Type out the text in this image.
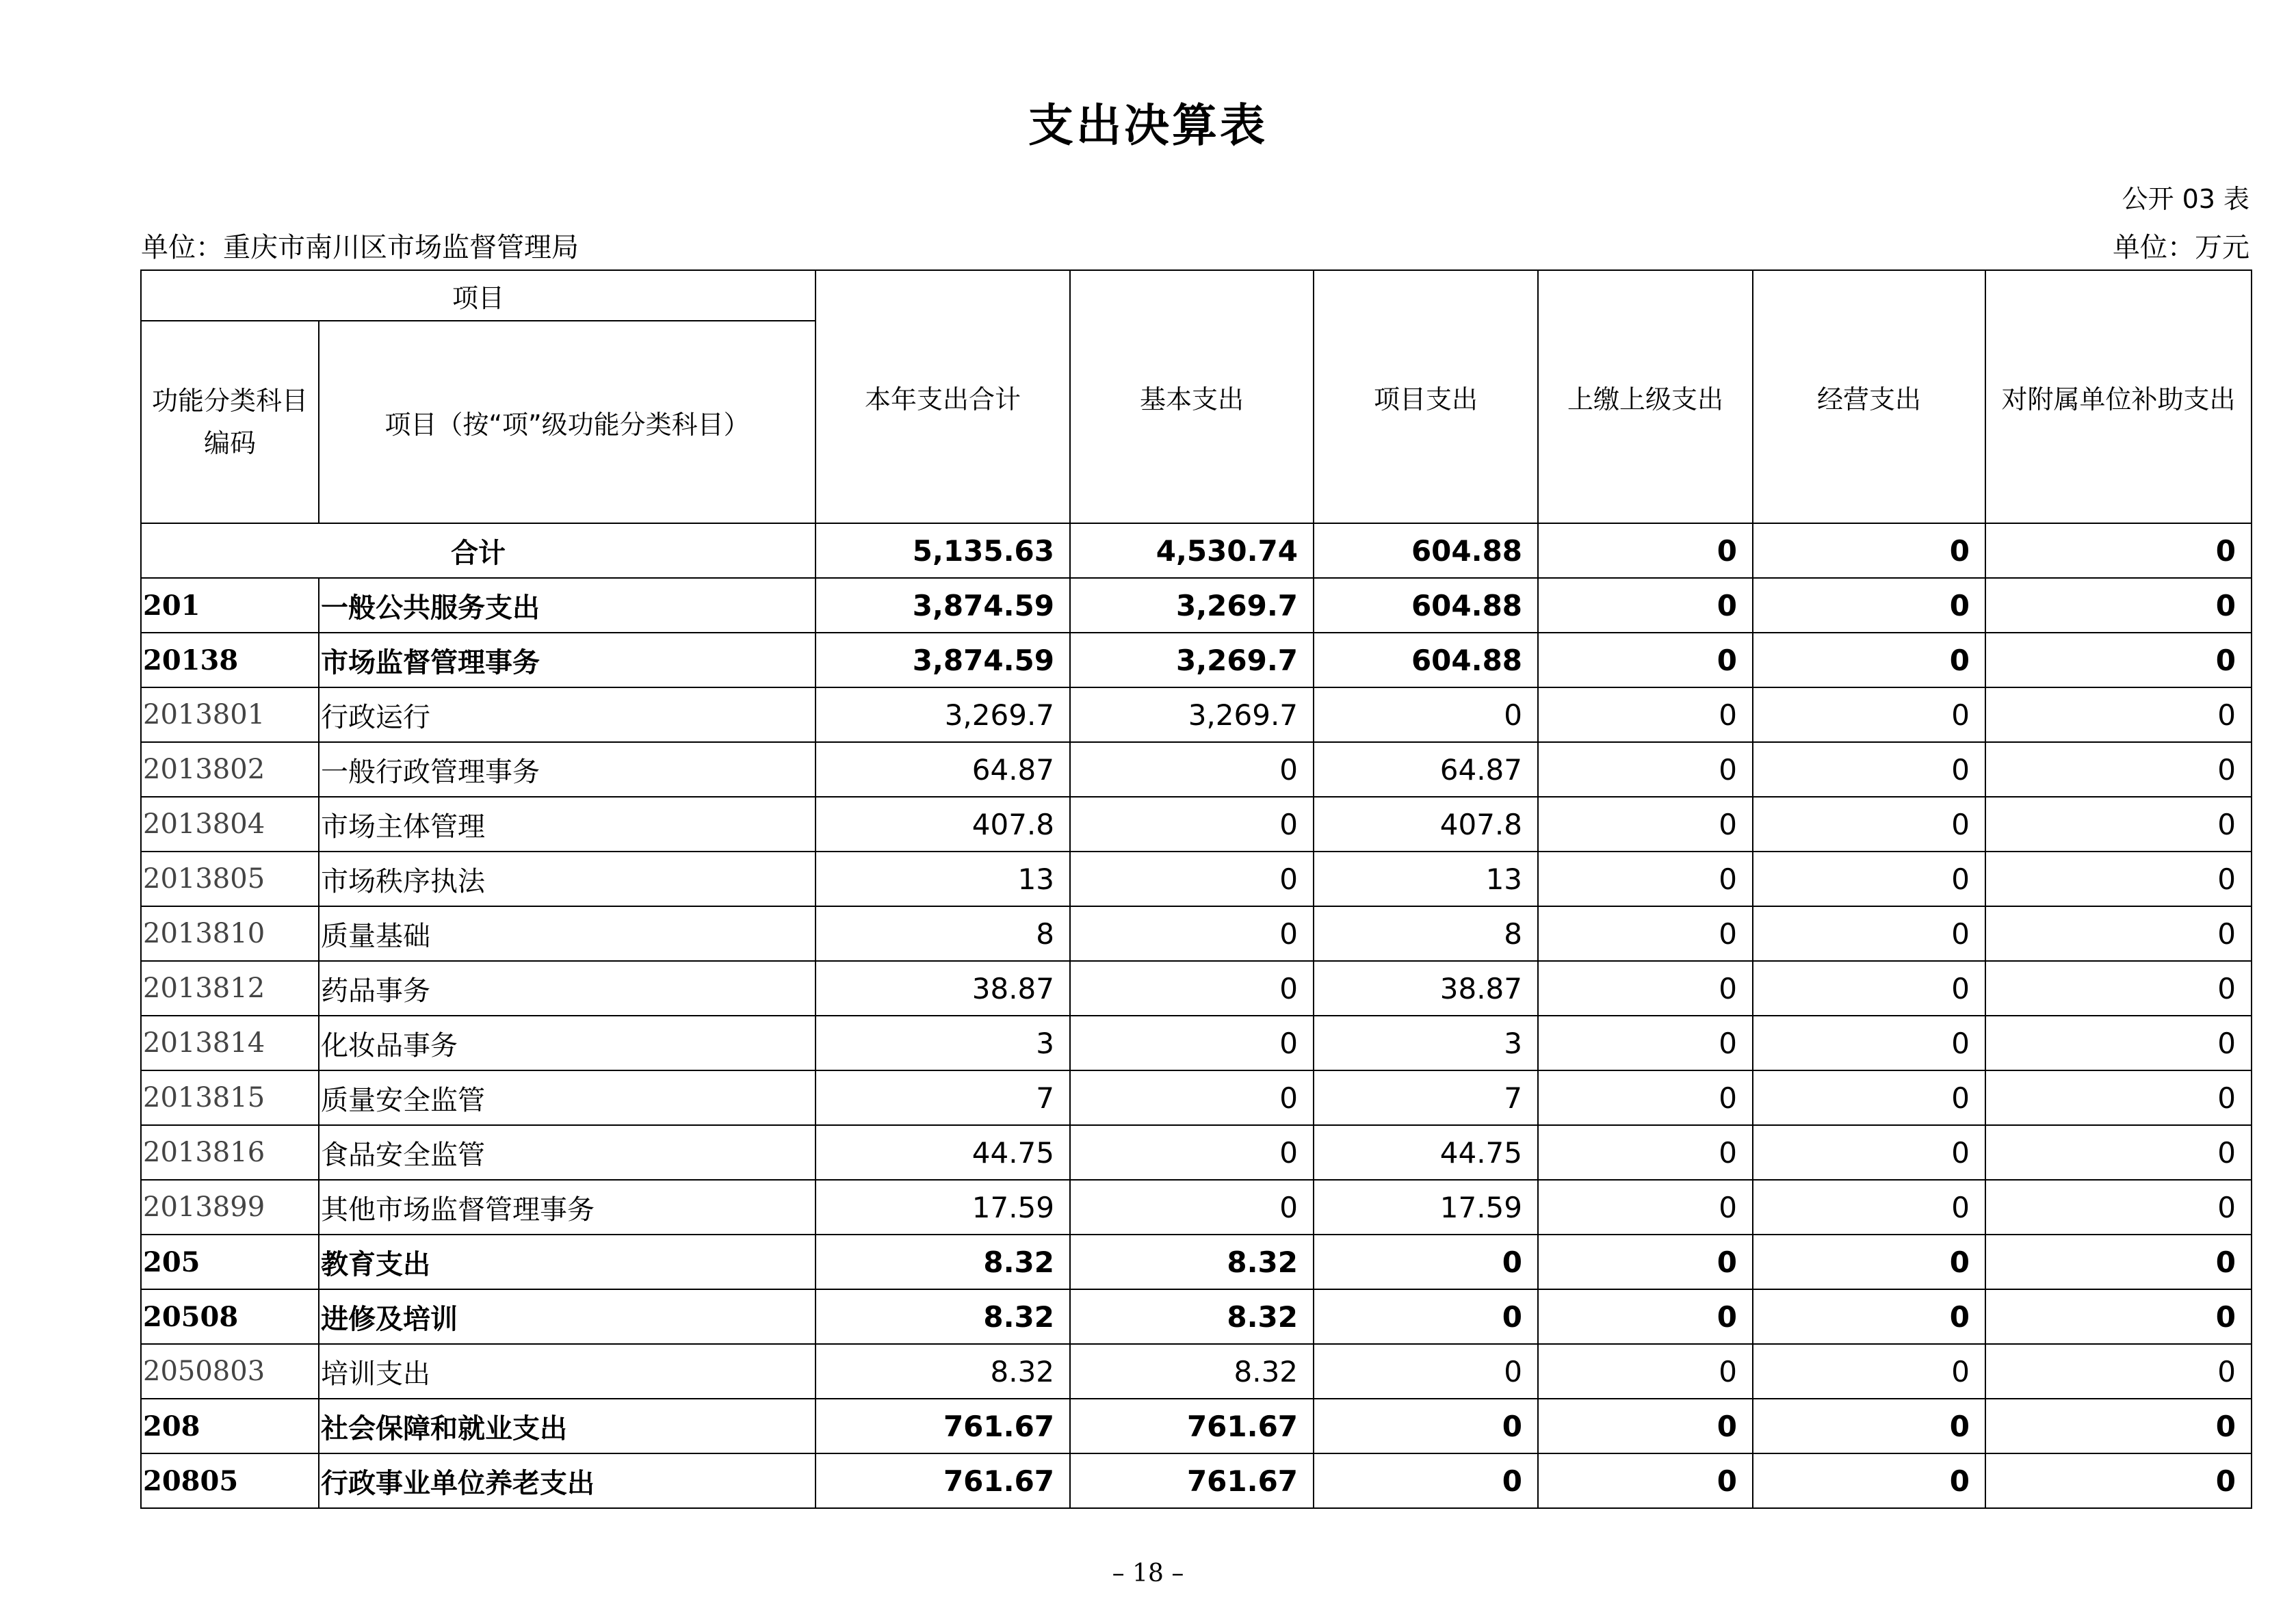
支出决算表
公开 03 表
单位：重庆市南川区市场监督管理局	单位：万元
项目		本年支出合计	基本支出	项目支出	上缴上级支出	经营支出	对附属单位补助支出
功能分类科目编码	项目（按“项”级功能分类科目）						
合计		5,135.63	4,530.74	604.88	0	0	0
201	一般公共服务支出	3,874.59	3,269.7	604.88	0	0	0
20138	市场监督管理事务	3,874.59	3,269.7	604.88	0	0	0
2013801	行政运行	3,269.7	3,269.7	0	0	0	0
2013802	一般行政管理事务	64.87	0	64.87	0	0	0
2013804	市场主体管理	407.8	0	407.8	0	0	0
2013805	市场秩序执法	13	0	13	0	0	0
2013810	质量基础	8	0	8	0	0	0
2013812	药品事务	38.87	0	38.87	0	0	0
2013814	化妆品事务	3	0	3	0	0	0
2013815	质量安全监管	7	0	7	0	0	0
2013816	食品安全监管	44.75	0	44.75	0	0	0
2013899	其他市场监督管理事务	17.59	0	17.59	0	0	0
205	教育支出	8.32	8.32	0	0	0	0
20508	进修及培训	8.32	8.32	0	0	0	0
2050803	培训支出	8.32	8.32	0	0	0	0
208	社会保障和就业支出	761.67	761.67	0	0	0	0
20805	行政事业单位养老支出	761.67	761.67	0	0	0	0
– 18 –
